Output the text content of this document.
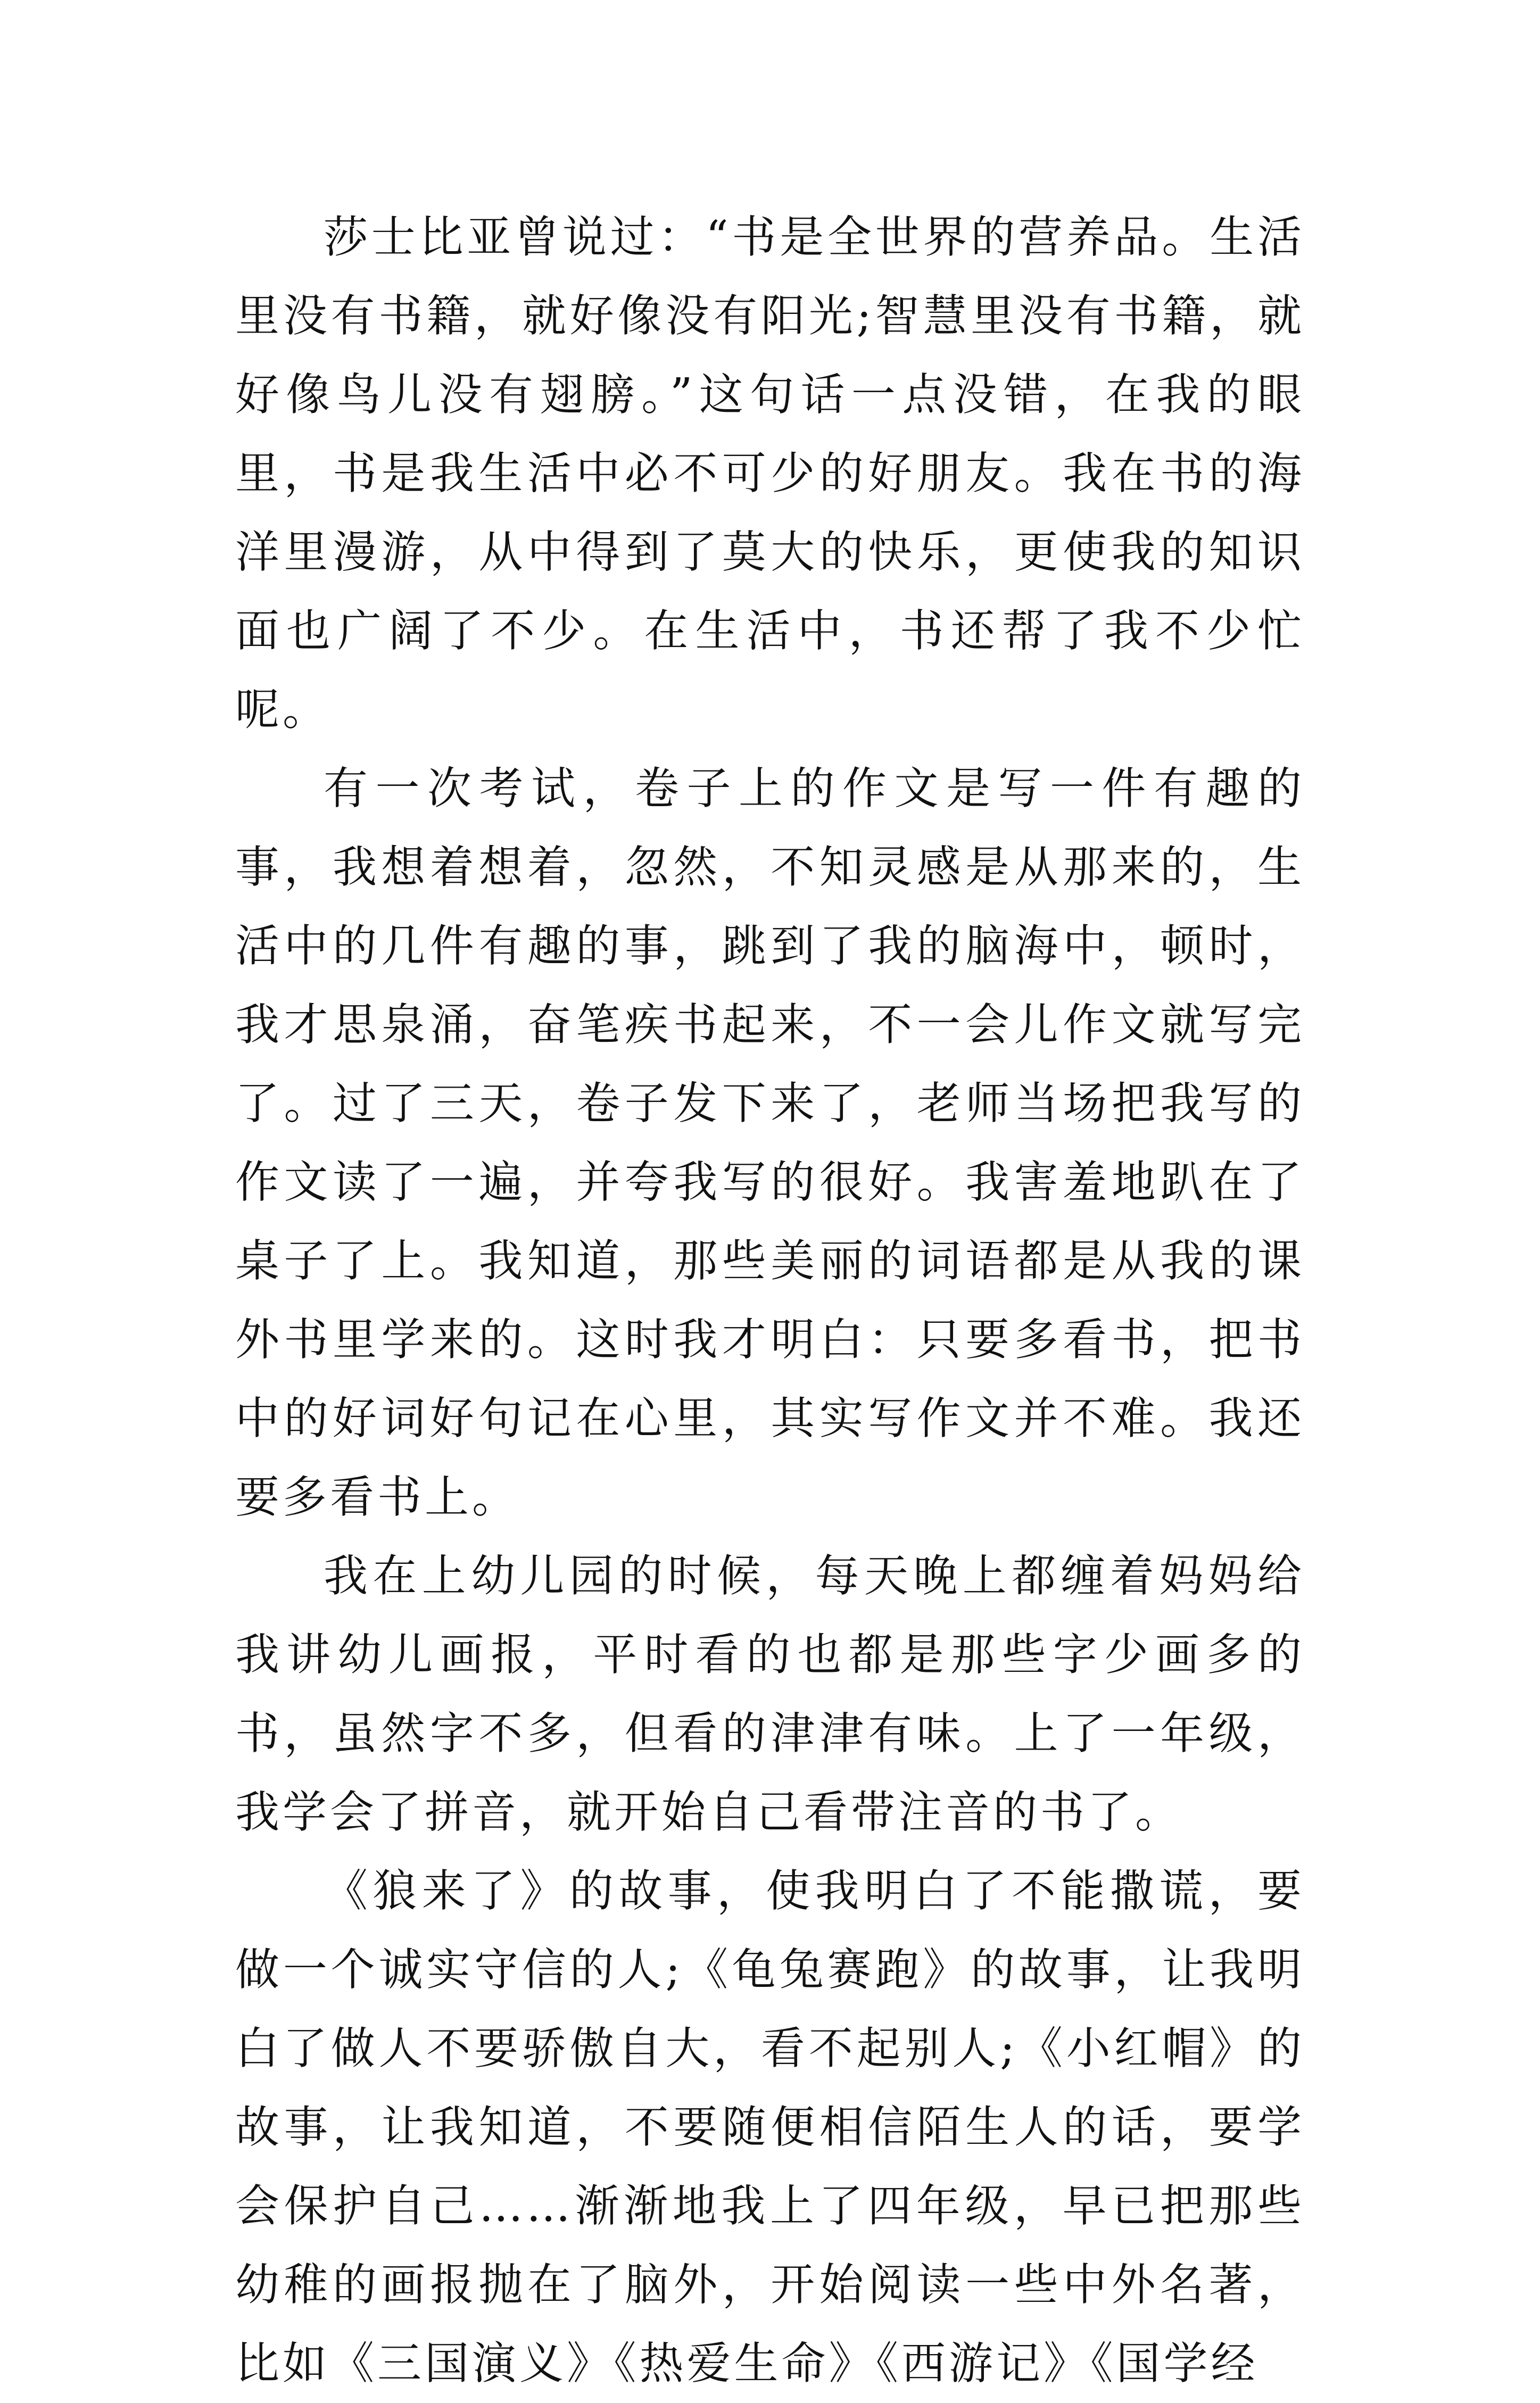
莎士比亚曾说过：“书是全世界的营养品。生活里没有书籍，就好像没有阳光;智慧里没有书籍，就好像鸟儿没有翅膀。”这句话一点没错，在我的眼里，书是我生活中必不可少的好朋友。我在书的海洋里漫游，从中得到了莫大的快乐，更使我的知识面也广阔了不少。在生活中，书还帮了我不少忙呢。

有一次考试，卷子上的作文是写一件有趣的事，我想着想着，忽然，不知灵感是从那来的，生活中的几件有趣的事，跳到了我的脑海中，顿时，我才思泉涌，奋笔疾书起来，不一会儿作文就写完了。过了三天，卷子发下来了，老师当场把我写的作文读了一遍，并夸我写的很好。我害羞地趴在了桌子了上。我知道，那些美丽的词语都是从我的课外书里学来的。这时我才明白：只要多看书，把书中的好词好句记在心里，其实写作文并不难。我还要多看书上。

我在上幼儿园的时候，每天晚上都缠着妈妈给我讲幼儿画报，平时看的也都是那些字少画多的书，虽然字不多，但看的津津有味。上了一年级，我学会了拼音，就开始自己看带注音的书了。

《狼来了》的故事，使我明白了不能撒谎，要做一个诚实守信的人;《龟兔赛跑》的故事，让我明白了做人不要骄傲自大，看不起别人;《小红帽》的故事，让我知道，不要随便相信陌生人的话，要学会保护自己……渐渐地我上了四年级，早已把那些幼稚的画报抛在了脑外，开始阅读一些中外名著，比如《三国演义》《热爱生命》《西游记》《国学经
